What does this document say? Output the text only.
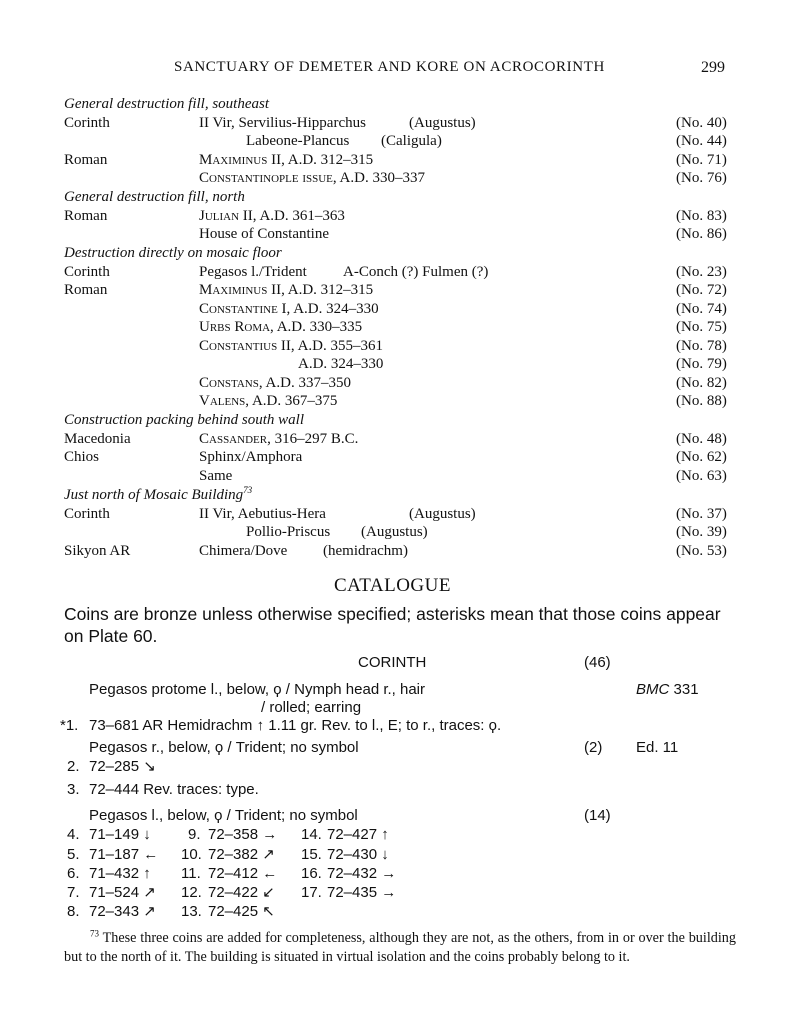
SANCTUARY OF DEMETER AND KORE ON ACROCORINTH	299
General destruction fill, southeast
Corinth	II Vir, Servilius-Hipparchus	(Augustus)	(No. 40)
Labeone-Plancus (Caligula)	(No. 44)
Roman	Maximinus II, A.D. 312–315	(No. 71)
Constantinople issue, A.D. 330–337	(No. 76)
General destruction fill, north
Roman	Julian II, A.D. 361–363	(No. 83)
House of Constantine	(No. 86)
Destruction directly on mosaic floor
Corinth	Pegasos l./Trident A-Conch (?) Fulmen (?)	(No. 23)
Roman	Maximinus II, A.D. 312–315	(No. 72)
Constantine I, A.D. 324–330	(No. 74)
Urbs Roma, A.D. 330–335	(No. 75)
Constantius II, A.D. 355–361	(No. 78)
A.D. 324–330	(No. 79)
Constans, A.D. 337–350	(No. 82)
Valens, A.D. 367–375	(No. 88)
Construction packing behind south wall
Macedonia	Cassander, 316–297 B.C.	(No. 48)
Chios	Sphinx/Amphora	(No. 62)
Same	(No. 63)
Just north of Mosaic Building$^{73}$
Corinth	II Vir, Aebutius-Hera	(Augustus)	(No. 37)
Pollio-Priscus (Augustus)	(No. 39)
Sikyon AR	Chimera/Dove (hemidrachm)	(No. 53)
CATALOGUE
Coins are bronze unless otherwise specified; asterisks mean that those coins appear on Plate 60.
CORINTH	(46)
Pegasos protome l., below, ϙ / Nymph head r., hair
/ rolled; earring
BMC 331
*1. 73–681 AR Hemidrachm ↑ 1.11 gr. Rev. to l., E; to r., traces: ϙ.
Pegasos r., below, ϙ / Trident; no symbol	(2) Ed. 11
2. 72–285 ↘
3. 72–444 Rev. traces: type.
Pegasos l., below, ϙ / Trident; no symbol	(14)
4. 71–149 ↓
5. 71–187 ←
6. 71–432 ↑
7. 71–524 ↗
8. 72–343 ↗
9. 72–358 →
10. 72–382 ↗
11. 72–412 ←
12. 72–422 ↙
13. 72–425 ↖
14. 72–427 ↑
15. 72–430 ↓
16. 72–432 →
17. 72–435 →
$^{73}$ These three coins are added for completeness, although they are not, as the others, from in or over the building but to the north of it. The building is situated in virtual isolation and the coins probably belong to it.
